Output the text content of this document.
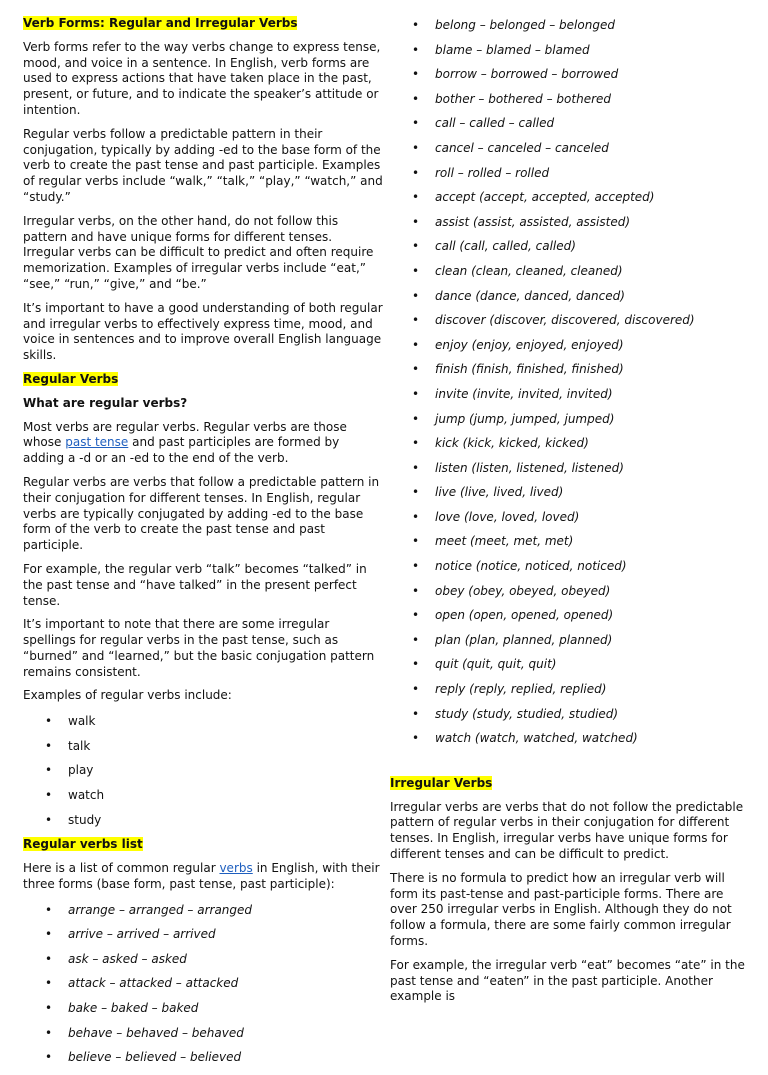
Verb Forms: Regular and Irregular Verbs

Verb forms refer to the way verbs change to express tense, mood, and voice in a sentence. In English, verb forms are used to express actions that have taken place in the past, present, or future, and to indicate the speaker’s attitude or intention.

Regular verbs follow a predictable pattern in their conjugation, typically by adding -ed to the base form of the verb to create the past tense and past participle. Examples of regular verbs include “walk,” “talk,” “play,” “watch,” and “study.”

Irregular verbs, on the other hand, do not follow this pattern and have unique forms for different tenses. Irregular verbs can be difficult to predict and often require memorization. Examples of irregular verbs include “eat,” “see,” “run,” “give,” and “be.”

It’s important to have a good understanding of both regular and irregular verbs to effectively express time, mood, and voice in sentences and to improve overall English language skills.

Regular Verbs
What are regular verbs?

Most verbs are regular verbs. Regular verbs are those whose past tense and past participles are formed by adding a -d or an -ed to the end of the verb.

Regular verbs are verbs that follow a predictable pattern in their conjugation for different tenses. In English, regular verbs are typically conjugated by adding -ed to the base form of the verb to create the past tense and past participle.

For example, the regular verb “talk” becomes “talked” in the past tense and “have talked” in the present perfect tense.

It’s important to note that there are some irregular spellings for regular verbs in the past tense, such as “burned” and “learned,” but the basic conjugation pattern remains consistent.

Examples of regular verbs include:

• walk
• talk
• play
• watch
• study
Regular verbs list

Here is a list of common regular verbs in English, with their three forms (base form, past tense, past participle):

• arrange – arranged – arranged
• arrive – arrived – arrived
• ask – asked – asked
• attack – attacked – attacked
• bake – baked – baked
• behave – behaved – behaved
• believe – believed – believed
• belong – belonged – belonged
• blame – blamed – blamed
• borrow – borrowed – borrowed
• bother – bothered – bothered
• call – called – called
• cancel – canceled – canceled
• roll – rolled – rolled
• accept (accept, accepted, accepted)
• assist (assist, assisted, assisted)
• call (call, called, called)
• clean (clean, cleaned, cleaned)
• dance (dance, danced, danced)
• discover (discover, discovered, discovered)
• enjoy (enjoy, enjoyed, enjoyed)
• finish (finish, finished, finished)
• invite (invite, invited, invited)
• jump (jump, jumped, jumped)
• kick (kick, kicked, kicked)
• listen (listen, listened, listened)
• live (live, lived, lived)
• love (love, loved, loved)
• meet (meet, met, met)
• notice (notice, noticed, noticed)
• obey (obey, obeyed, obeyed)
• open (open, opened, opened)
• plan (plan, planned, planned)
• quit (quit, quit, quit)
• reply (reply, replied, replied)
• study (study, studied, studied)
• watch (watch, watched, watched)
Irregular Verbs

Irregular verbs are verbs that do not follow the predictable pattern of regular verbs in their conjugation for different tenses. In English, irregular verbs have unique forms for different tenses and can be difficult to predict.

There is no formula to predict how an irregular verb will form its past-tense and past-participle forms. There are over 250 irregular verbs in English. Although they do not follow a formula, there are some fairly common irregular forms.

For example, the irregular verb “eat” becomes “ate” in the past tense and “eaten” in the past participle. Another example is
